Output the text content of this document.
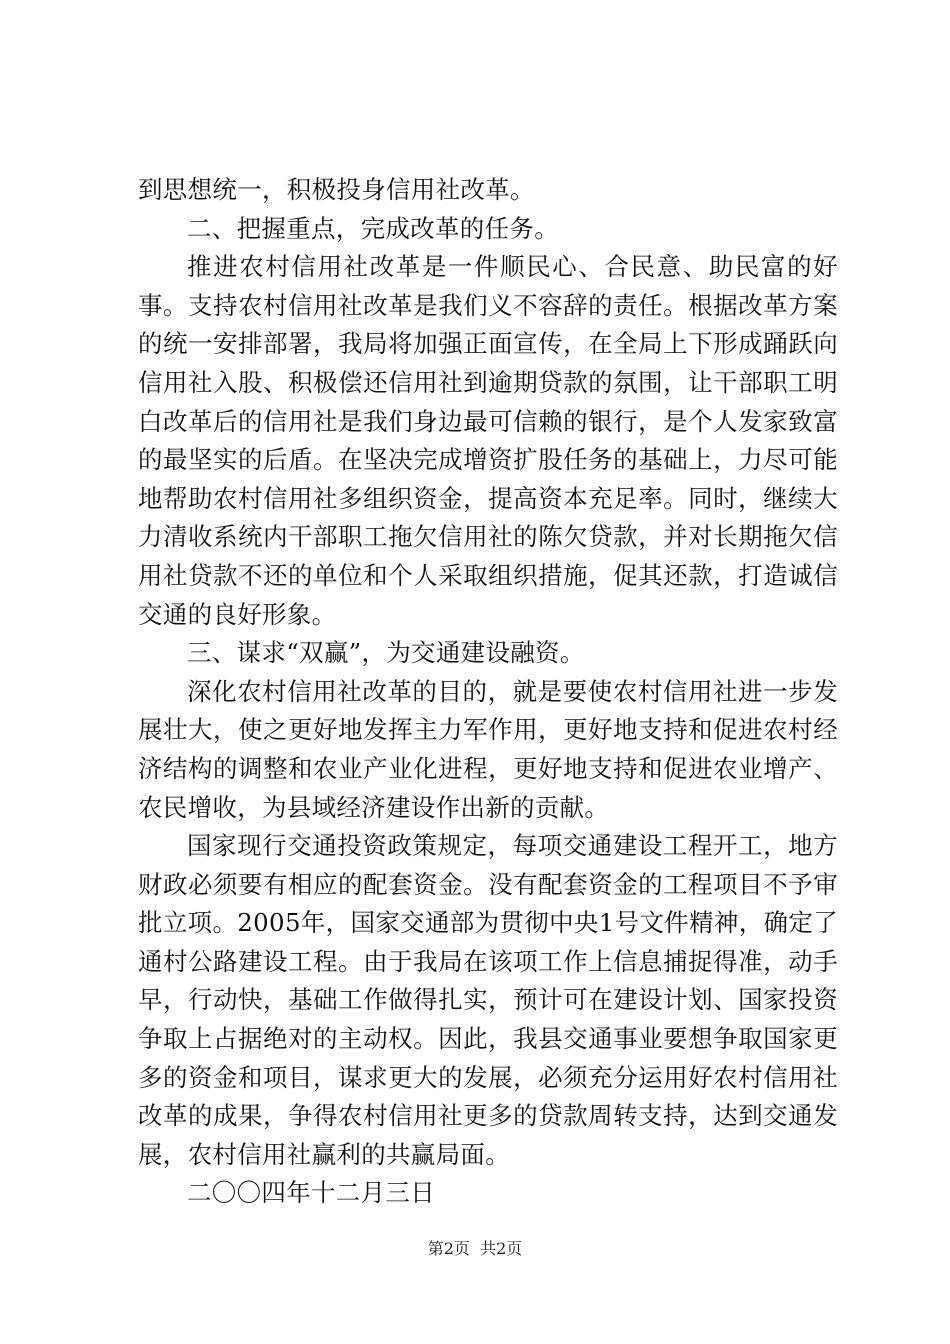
到思想统一，积极投身信用社改革。

二、把握重点，完成改革的任务。

推进农村信用社改革是一件顺民心、合民意、助民富的好事。支持农村信用社改革是我们义不容辞的责任。根据改革方案的统一安排部署，我局将加强正面宣传，在全局上下形成踊跃向信用社入股、积极偿还信用社到逾期贷款的氛围，让干部职工明白改革后的信用社是我们身边最可信赖的银行，是个人发家致富的最坚实的后盾。在坚决完成增资扩股任务的基础上，力尽可能地帮助农村信用社多组织资金，提高资本充足率。同时，继续大力清收系统内干部职工拖欠信用社的陈欠贷款，并对长期拖欠信用社贷款不还的单位和个人采取组织措施，促其还款，打造诚信交通的良好形象。

三、谋求“双赢”，为交通建设融资。

深化农村信用社改革的目的，就是要使农村信用社进一步发展壮大，使之更好地发挥主力军作用，更好地支持和促进农村经济结构的调整和农业产业化进程，更好地支持和促进农业增产、农民增收，为县域经济建设作出新的贡献。

国家现行交通投资政策规定，每项交通建设工程开工，地方财政必须要有相应的配套资金。没有配套资金的工程项目不予审批立项。2005年，国家交通部为贯彻中央1号文件精神，确定了通村公路建设工程。由于我局在该项工作上信息捕捉得准，动手早，行动快，基础工作做得扎实，预计可在建设计划、国家投资争取上占据绝对的主动权。因此，我县交通事业要想争取国家更多的资金和项目，谋求更大的发展，必须充分运用好农村信用社改革的成果，争得农村信用社更多的贷款周转支持，达到交通发展，农村信用社赢利的共赢局面。

二〇〇四年十二月三日

第2页  共2页
